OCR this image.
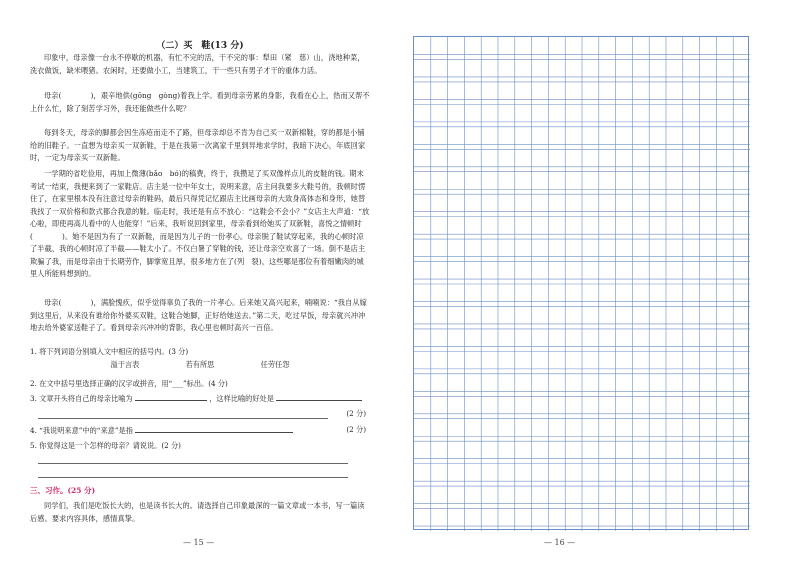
（二）买　鞋(13 分)
印象中，母亲像一台永不停歇的机器，有忙不完的活，干不完的事：犁田（紧　慈）山，浇地种菜，洗衣做饭，缺米喂猪。农闲时，还要做小工，当建筑工，干一些只有男子才干的重体力活。
母亲(　　　　)，艰辛地供(gōng　gòng)着我上学。看到母亲劳累的身影，我看在心上，热而又帮不上什么忙，除了刻苦学习外，我还能做些什么呢？
每到冬天，母亲的脚都会因生冻疮而走不了路，但母亲却总不肯为自己买一双新棉鞋，穿的都是小铺给的旧鞋子。一直想为母亲买一双新鞋，于是在我第一次离家千里到异地求学时，我暗下决心，年底回家时，一定为母亲买一双新鞋。
一学期的省吃俭用，再加上微薄(bǎo　bó)的稿费，终于，我攒足了买双像样点儿的皮鞋的钱。期末考试一结束，我便来到了一家鞋店。店主是一位中年女士，说明来意，店主问我要多大鞋号的，我顿时愣住了，在家里根本没有注意过母亲的鞋码，最后只得凭记忆跟店主比画母亲的大致身高体态和身形，她替我找了一双价格和款式都合我意的鞋。临走时，我还是有点不放心：“这鞋会不会小？”女店主大声道：“放心啦，即使再高儿看中的人也能穿！”后来，我听说回到家里，母亲看到给她买了双新鞋，喜悦之情顿时(　　　　)。她不是因为有了一双新鞋，而是因为儿子的一份孝心。母亲脱了鞋试穿起来，我的心顿时凉了半截，我的心顿时凉了半截——鞋太小了。不仅白暑了穿鞋的钱，还让母亲空欢喜了一场。倒不是店主欺骗了我，而是母亲由于长期劳作，脚掌宽且厚，很多地方在了(列　裂)，这些哪是那位有着细嫩肉的城里人所能料想到的。
母亲(　　　　)，满脸愧疚，似乎觉得辜负了我的一片孝心。后来她又高兴起来，喃喃说：“我自从嫁到这里后，从来没有谁给你外婆买双鞋，这鞋合她脚，正好给她送去。”第二天，吃过早饭，母亲就兴冲冲地去给外婆家送鞋子了。看到母亲兴冲冲的背影，我心里也顿时高兴一百倍。
1. 将下列词语分别填入文中相应的括号内。(3 分)
溢于言表	若有所思	任劳任怨
2. 在文中括号里选择正确的汉字或拼音，用“___”标出。(4 分)
3. 文章开头将自己的母亲比喻为	，这样比喻的好处是
(2 分)
4. “我说明来意”中的“来意”是指	(2 分)
5. 你觉得这是一个怎样的母亲？请说说。(2 分)
三、习作。(25 分)
同学们，我们是吃饭长大的，也是读书长大的。请选择自己印象最深的一篇文章或一本书，写一篇读后感。要求内容具体，感情真挚。
— 15 —	— 16 —
